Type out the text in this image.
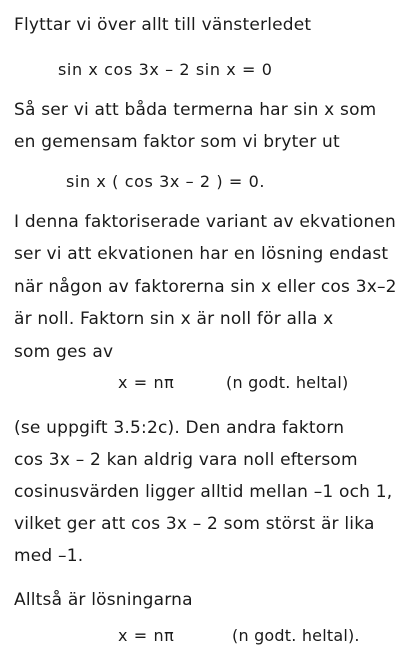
Flyttar vi över allt till vänsterledet
sin x cos 3x – 2 sin x = 0
Så ser vi att båda termerna har sin x som
en gemensam faktor som vi bryter ut
sin x ( cos 3x – 2 ) = 0.
I denna faktoriserade variant av ekvationen
ser vi att ekvationen har en lösning endast
när någon av faktorerna sin x eller cos 3x–2
är noll. Faktorn sin x är noll för alla x
som ges av
x = nπ	(n godt. heltal)
(se uppgift 3.5:2c). Den andra faktorn
cos 3x – 2 kan aldrig vara noll eftersom
cosinusvärden ligger alltid mellan –1 och 1,
vilket ger att cos 3x – 2 som störst är lika
med –1.
Alltså är lösningarna
x = nπ	(n godt. heltal).
